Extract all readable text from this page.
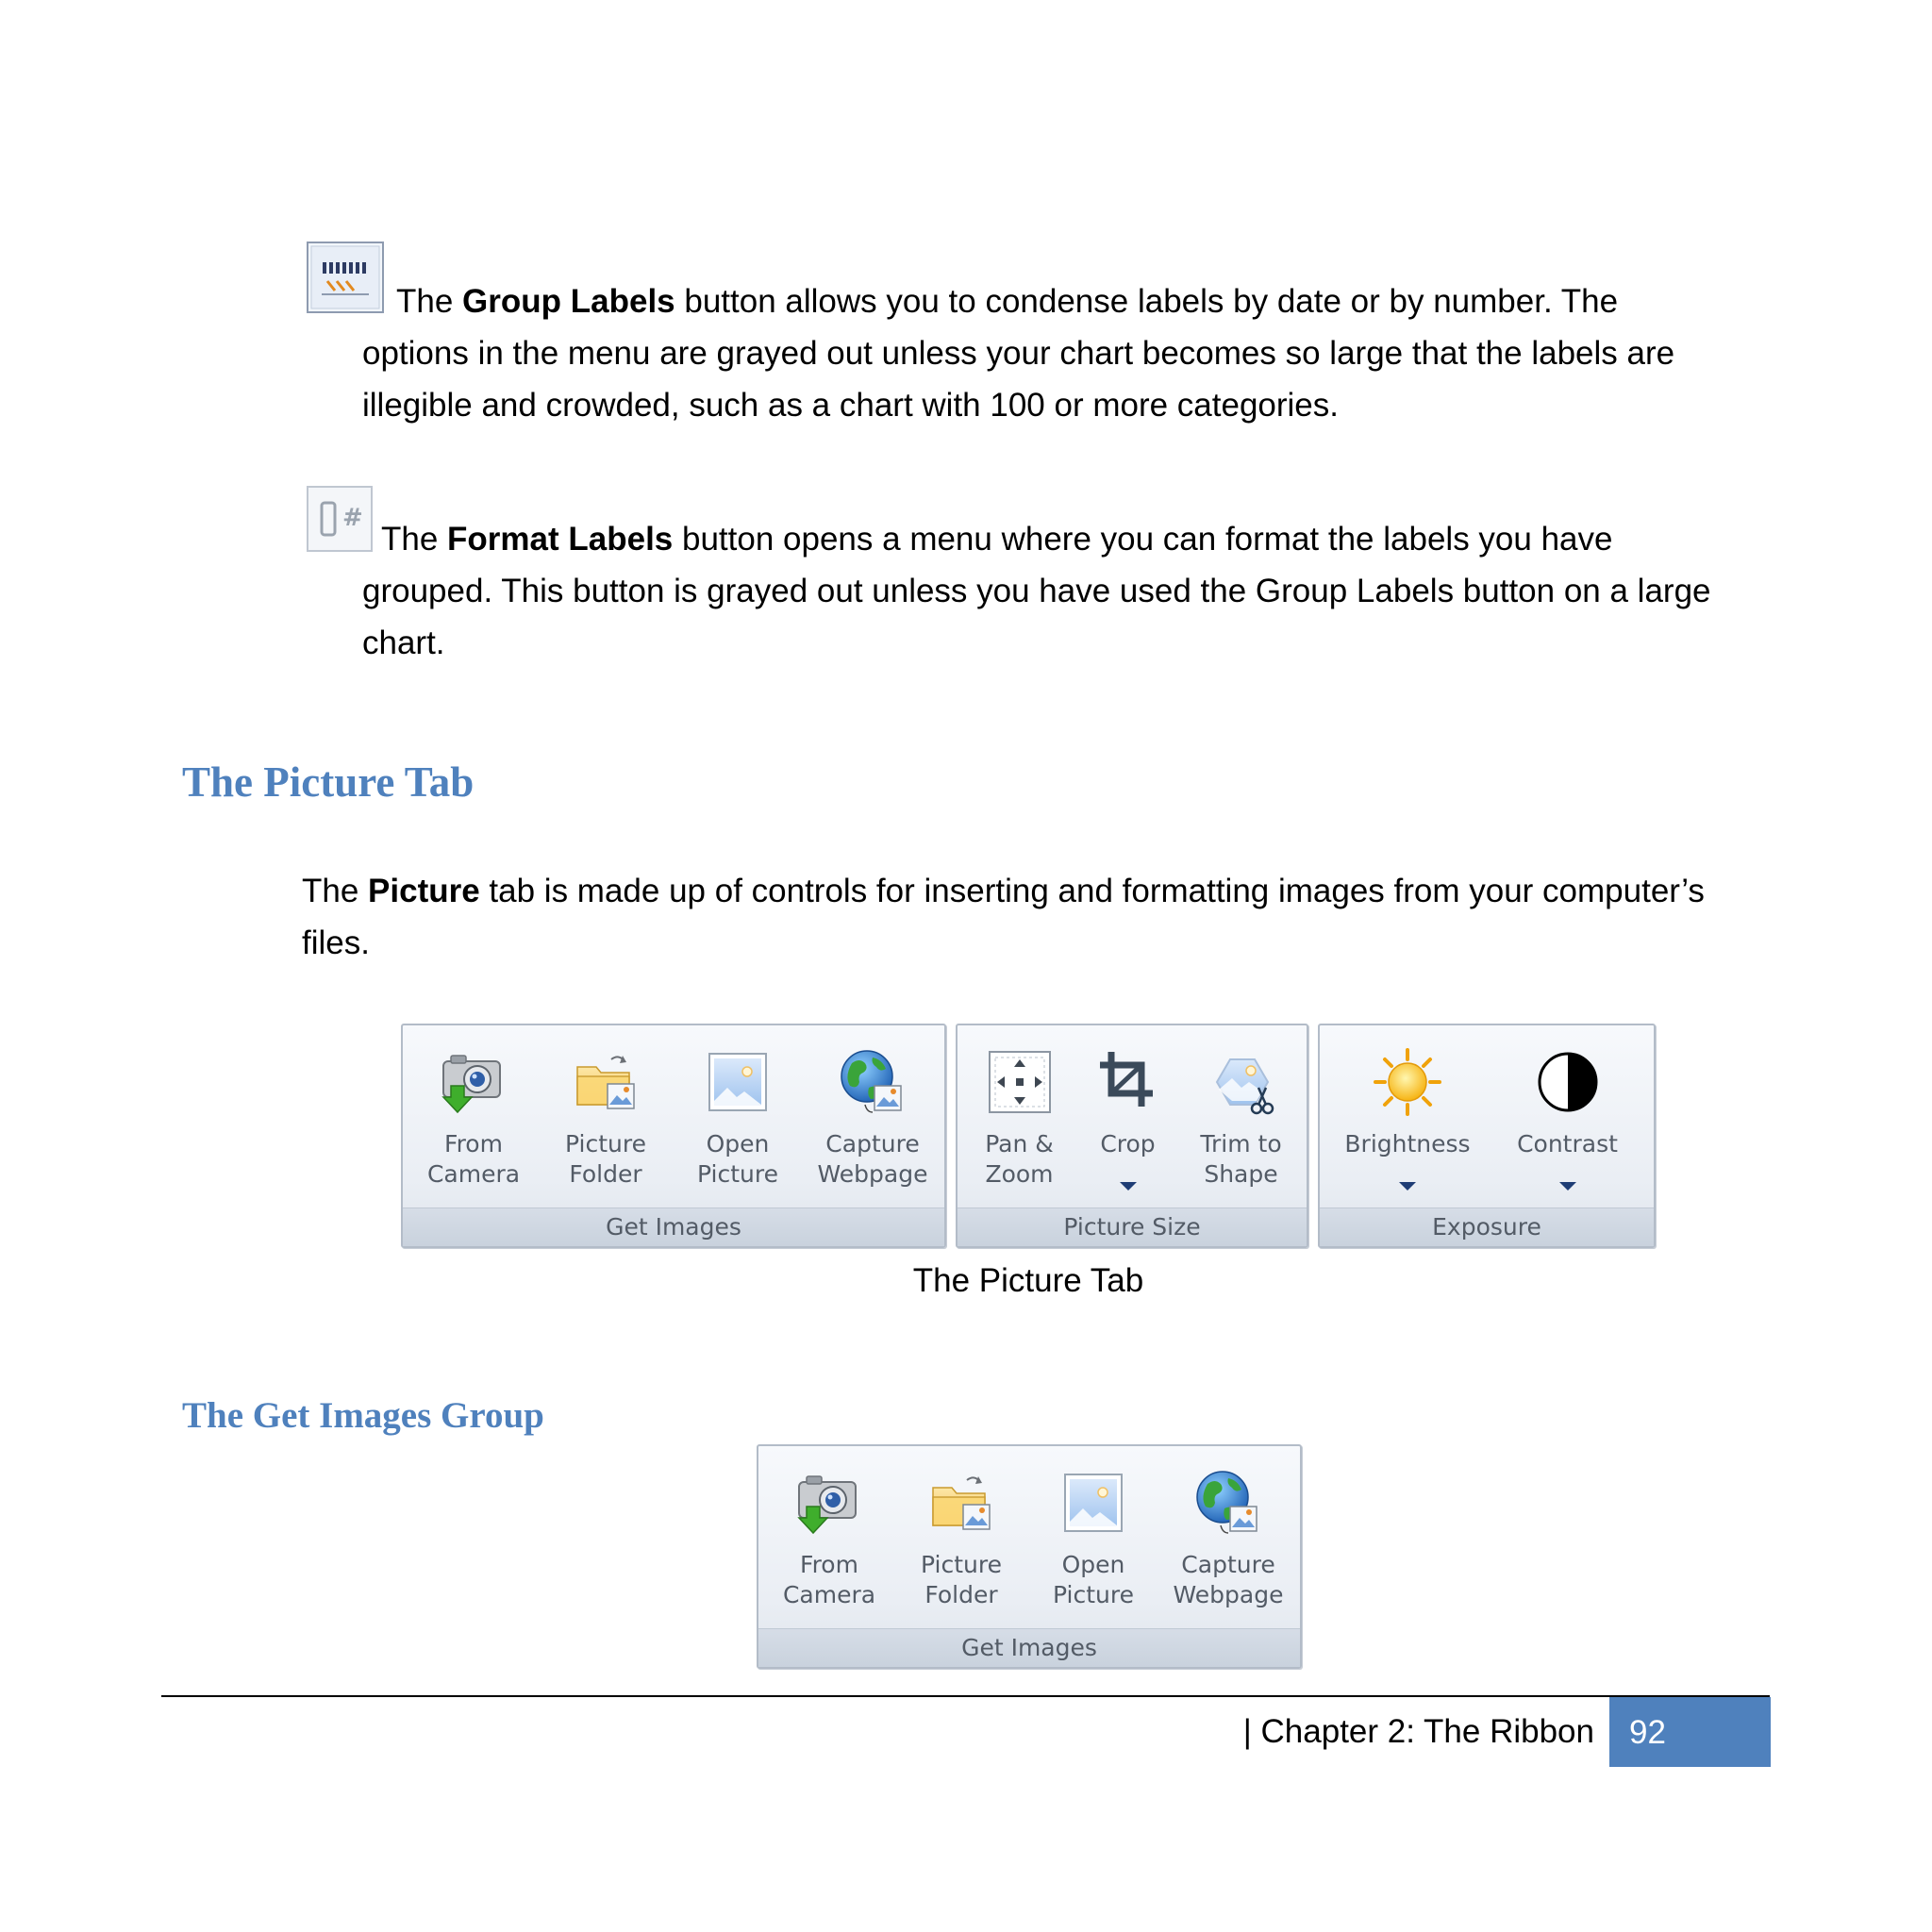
The Group Labels button allows you to condense labels by date or by number. The
options in the menu are grayed out unless your chart becomes so large that the labels are
illegible and crowded, such as a chart with 100 or more categories.
#
The Format Labels button opens a menu where you can format the labels you have
grouped. This button is grayed out unless you have used the Group Labels button on a large
chart.
The Picture Tab
The Picture tab is made up of controls for inserting and formatting images from your computer’s
files.
From
Camera
Picture
Folder
Open
Picture
Capture
Webpage
Get Images
Pan &
Zoom
Crop	Trim to
Shape
Picture Size
Brightness	Contrast
Exposure
The Picture Tab
The Get Images Group
From
Camera
Picture
Folder
Open
Picture
Capture
Webpage
Get Images
| Chapter 2: The Ribbon 92
